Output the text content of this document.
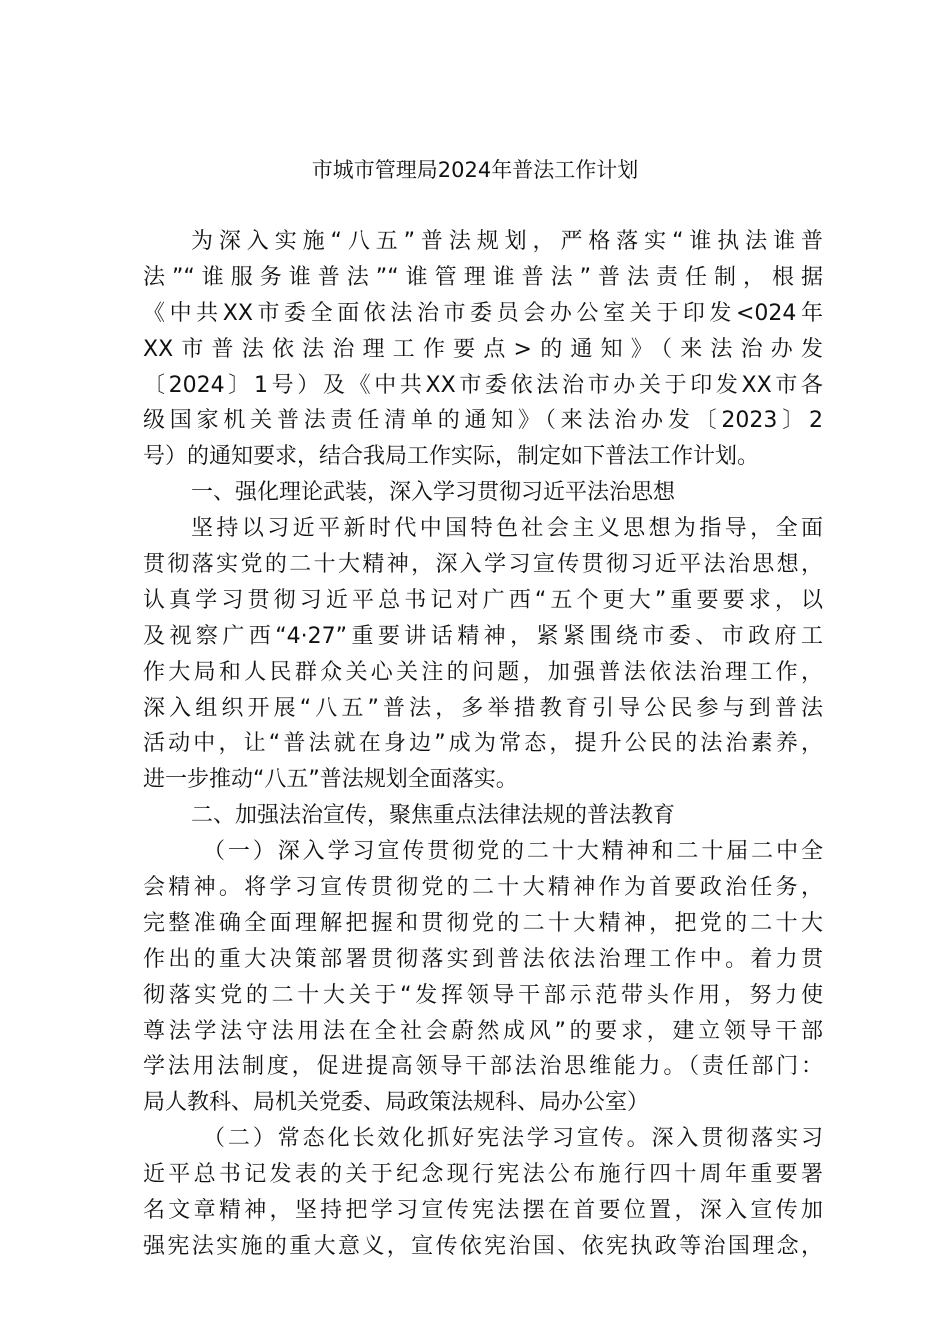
市城市管理局2024年普法工作计划
为深入实施“八五”普法规划，严格落实“谁执法谁普
法”“谁服务谁普法”“谁管理谁普法”普法责任制，根据
《中共XX市委全面依法治市委员会办公室关于印发<024年
XX市普法依法治理工作要点>的通知》（来法治办发
〔2024〕1号）及《中共XX市委依法治市办关于印发XX市各
级国家机关普法责任清单的通知》（来法治办发〔2023〕2
号）的通知要求，结合我局工作实际，制定如下普法工作计划。
一、强化理论武装，深入学习贯彻习近平法治思想
坚持以习近平新时代中国特色社会主义思想为指导，全面
贯彻落实党的二十大精神，深入学习宣传贯彻习近平法治思想，
认真学习贯彻习近平总书记对广西“五个更大”重要要求，以
及视察广西“4·27”重要讲话精神，紧紧围绕市委、市政府工
作大局和人民群众关心关注的问题，加强普法依法治理工作，
深入组织开展“八五”普法，多举措教育引导公民参与到普法
活动中，让“普法就在身边”成为常态，提升公民的法治素养，
进一步推动“八五”普法规划全面落实。
二、加强法治宣传，聚焦重点法律法规的普法教育
（一）深入学习宣传贯彻党的二十大精神和二十届二中全
会精神。将学习宣传贯彻党的二十大精神作为首要政治任务，
完整准确全面理解把握和贯彻党的二十大精神，把党的二十大
作出的重大决策部署贯彻落实到普法依法治理工作中。着力贯
彻落实党的二十大关于“发挥领导干部示范带头作用，努力使
尊法学法守法用法在全社会蔚然成风”的要求，建立领导干部
学法用法制度，促进提高领导干部法治思维能力。（责任部门：
局人教科、局机关党委、局政策法规科、局办公室）
（二）常态化长效化抓好宪法学习宣传。深入贯彻落实习
近平总书记发表的关于纪念现行宪法公布施行四十周年重要署
名文章精神，坚持把学习宣传宪法摆在首要位置，深入宣传加
强宪法实施的重大意义，宣传依宪治国、依宪执政等治国理念，
